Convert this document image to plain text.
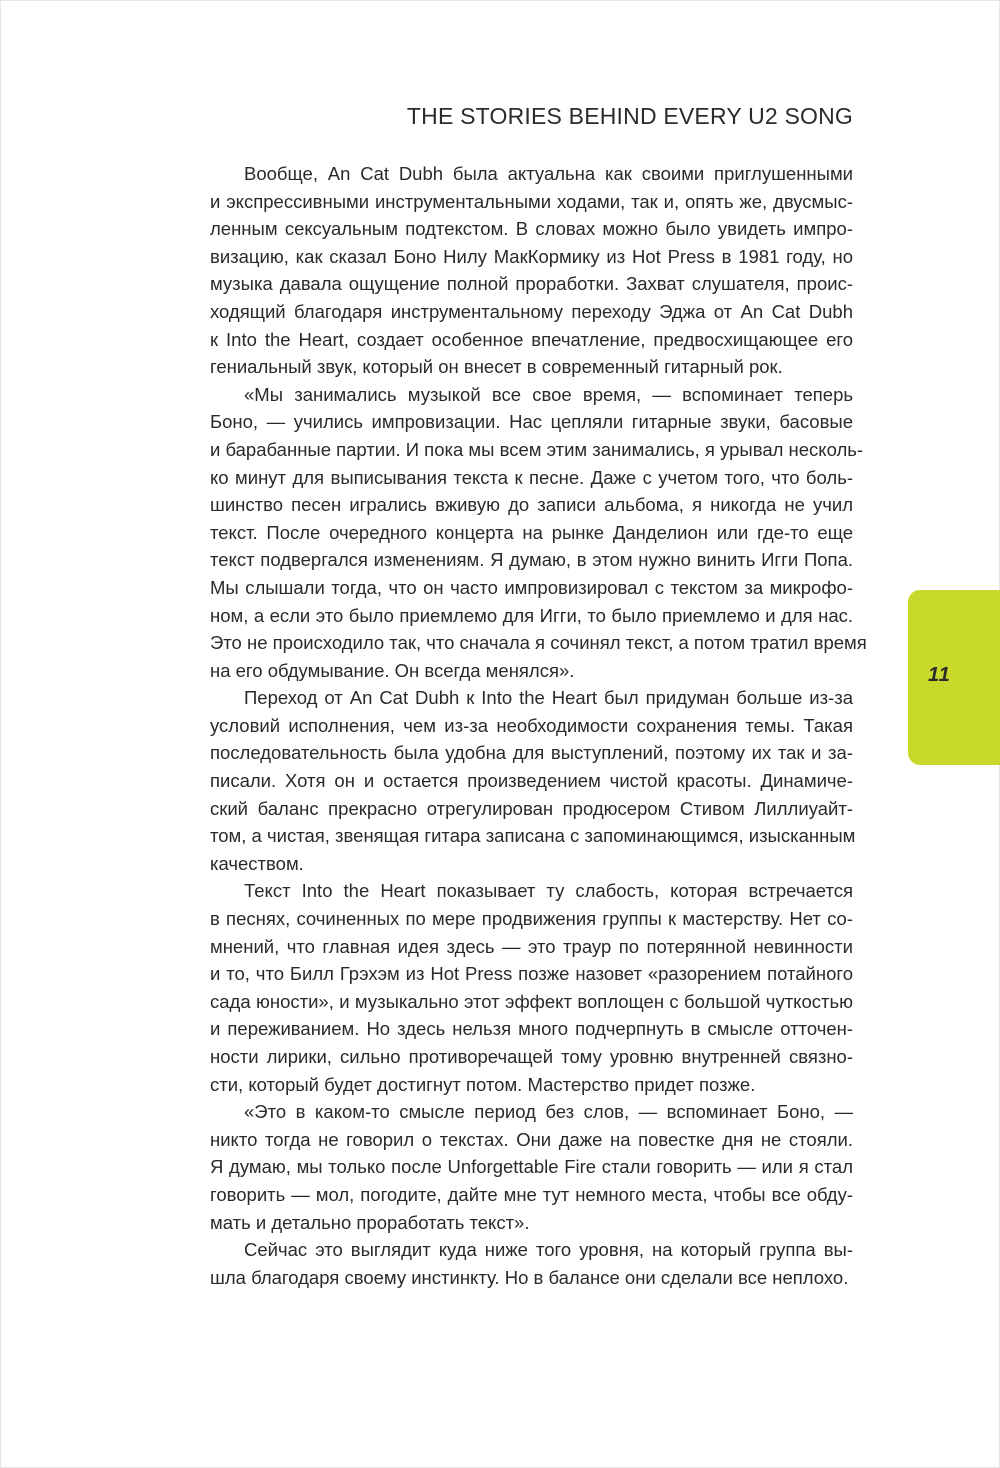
THE STORIES BEHIND EVERY U2 SONG
Вообще, An Cat Dubh была актуальна как своими приглушенными
и экспрессивными инструментальными ходами, так и, опять же, двусмыс-
ленным сексуальным подтекстом. В словах можно было увидеть импро-
визацию, как сказал Боно Нилу МакКормику из Hot Press в 1981 году, но
музыка давала ощущение полной проработки. Захват слушателя, проис-
ходящий благодаря инструментальному переходу Эджа от An Cat Dubh
к Into the Heart, создает особенное впечатление, предвосхищающее его
гениальный звук, который он внесет в современный гитарный рок.
«Мы занимались музыкой все свое время, — вспоминает теперь
Боно, — учились импровизации. Нас цепляли гитарные звуки, басовые
и барабанные партии. И пока мы всем этим занимались, я урывал несколь-
ко минут для выписывания текста к песне. Даже с учетом того, что боль-
шинство песен игрались вживую до записи альбома, я никогда не учил
текст. После очередного концерта на рынке Данделион или где-то еще
текст подвергался изменениям. Я думаю, в этом нужно винить Игги Попа.
Мы слышали тогда, что он часто импровизировал с текстом за микрофо-
ном, а если это было приемлемо для Игги, то было приемлемо и для нас.
Это не происходило так, что сначала я сочинял текст, а потом тратил время
на его обдумывание. Он всегда менялся».
Переход от An Cat Dubh к Into the Heart был придуман больше из-за
условий исполнения, чем из-за необходимости сохранения темы. Такая
последовательность была удобна для выступлений, поэтому их так и за-
писали. Хотя он и остается произведением чистой красоты. Динамиче-
ский баланс прекрасно отрегулирован продюсером Стивом Лиллиуайт-
том, а чистая, звенящая гитара записана с запоминающимся, изысканным
качеством.
Текст Into the Heart показывает ту слабость, которая встречается
в песнях, сочиненных по мере продвижения группы к мастерству. Нет со-
мнений, что главная идея здесь — это траур по потерянной невинности
и то, что Билл Грэхэм из Hot Press позже назовет «разорением потайного
сада юности», и музыкально этот эффект воплощен с большой чуткостью
и переживанием. Но здесь нельзя много подчерпнуть в смысле отточен-
ности лирики, сильно противоречащей тому уровню внутренней связно-
сти, который будет достигнут потом. Мастерство придет позже.
«Это в каком-то смысле период без слов, — вспоминает Боно, —
никто тогда не говорил о текстах. Они даже на повестке дня не стояли.
Я думаю, мы только после Unforgettable Fire стали говорить — или я стал
говорить — мол, погодите, дайте мне тут немного места, чтобы все обду-
мать и детально проработать текст».
Сейчас это выглядит куда ниже того уровня, на который группа вы-
шла благодаря своему инстинкту. Но в балансе они сделали все неплохо.
11
